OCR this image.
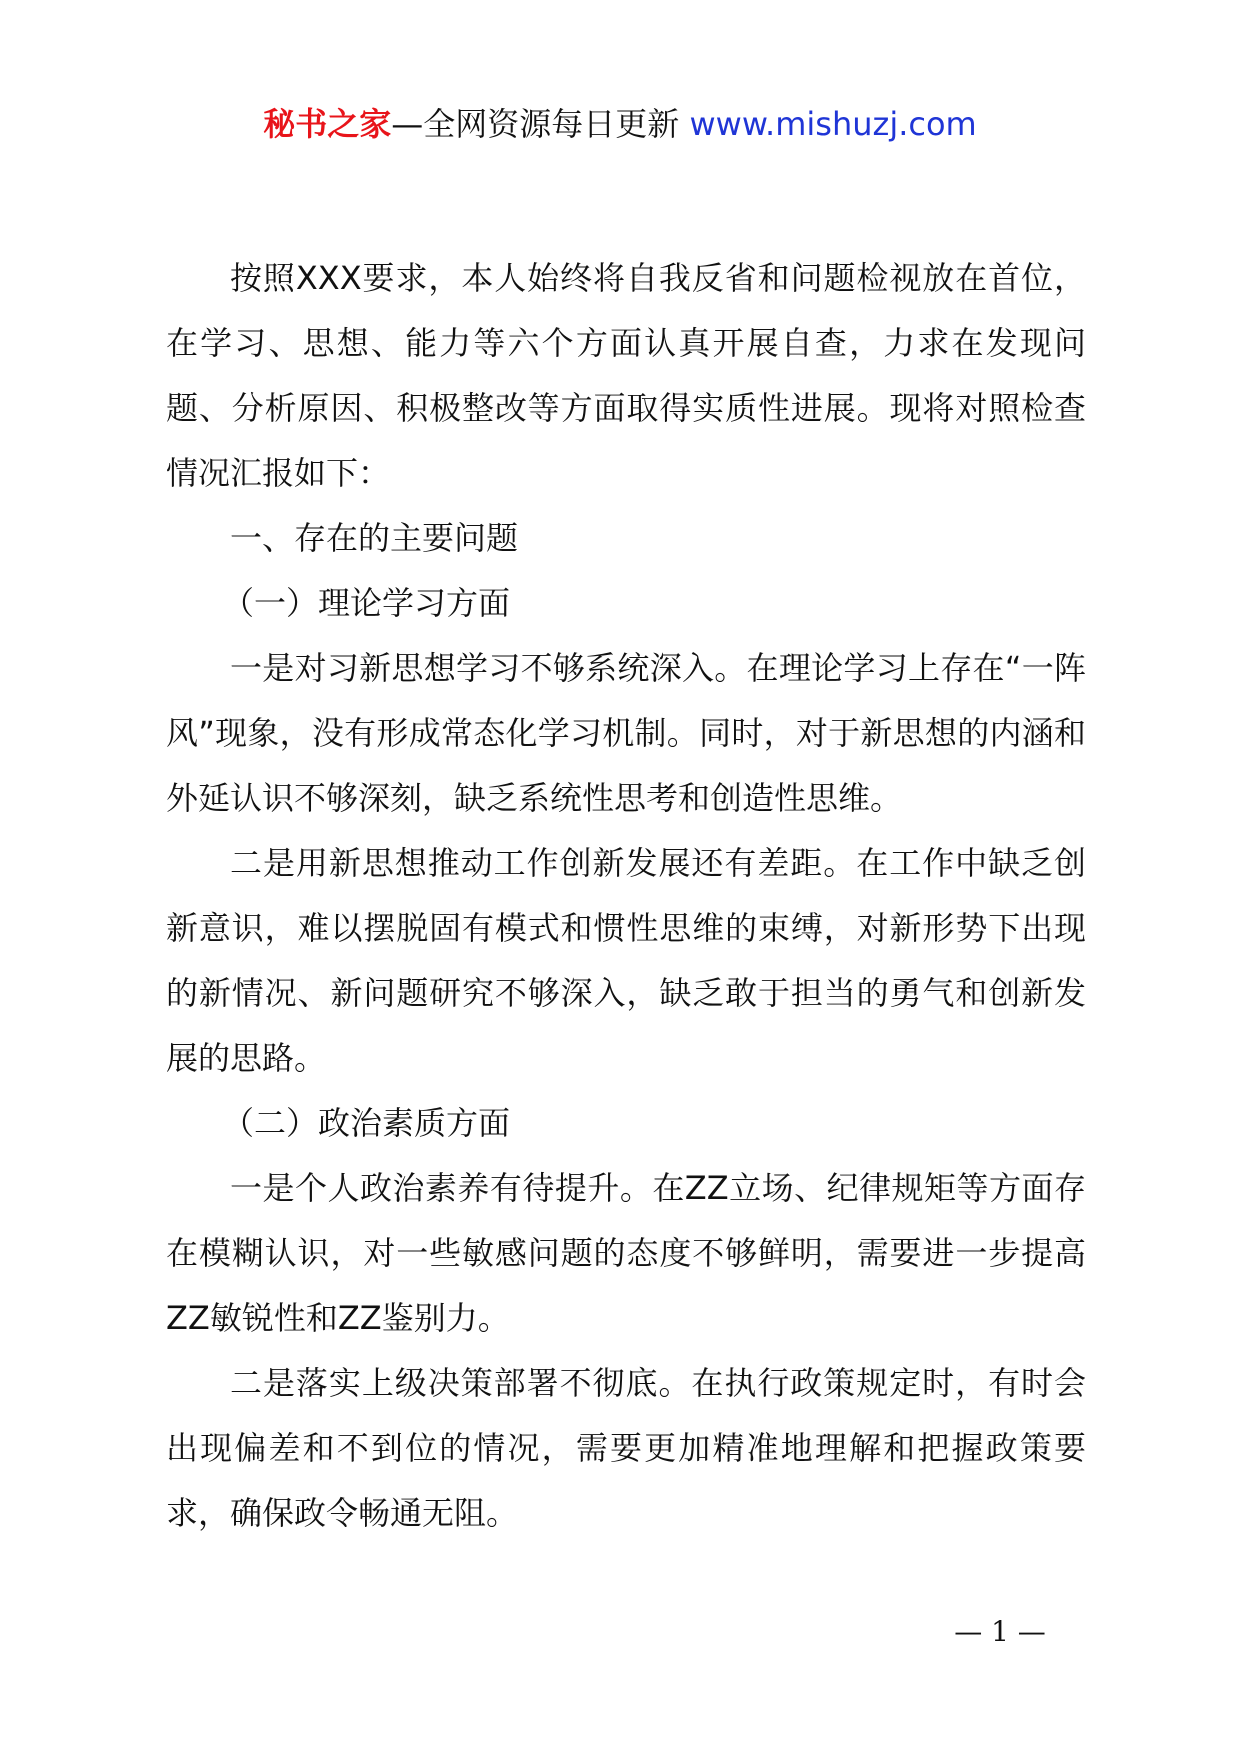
秘书之家—全网资源每日更新 www.mishuzj.com

按照XXX要求，本人始终将自我反省和问题检视放在首位，在学习、思想、能力等六个方面认真开展自查，力求在发现问题、分析原因、积极整改等方面取得实质性进展。现将对照检查情况汇报如下：

一、存在的主要问题

（一）理论学习方面

一是对习新思想学习不够系统深入。在理论学习上存在“一阵风”现象，没有形成常态化学习机制。同时，对于新思想的内涵和外延认识不够深刻，缺乏系统性思考和创造性思维。

二是用新思想推动工作创新发展还有差距。在工作中缺乏创新意识，难以摆脱固有模式和惯性思维的束缚，对新形势下出现的新情况、新问题研究不够深入，缺乏敢于担当的勇气和创新发展的思路。

（二）政治素质方面

一是个人政治素养有待提升。在ZZ立场、纪律规矩等方面存在模糊认识，对一些敏感问题的态度不够鲜明，需要进一步提高ZZ敏锐性和ZZ鉴别力。

二是落实上级决策部署不彻底。在执行政策规定时，有时会出现偏差和不到位的情况，需要更加精准地理解和把握政策要求，确保政令畅通无阻。

— 1 —
